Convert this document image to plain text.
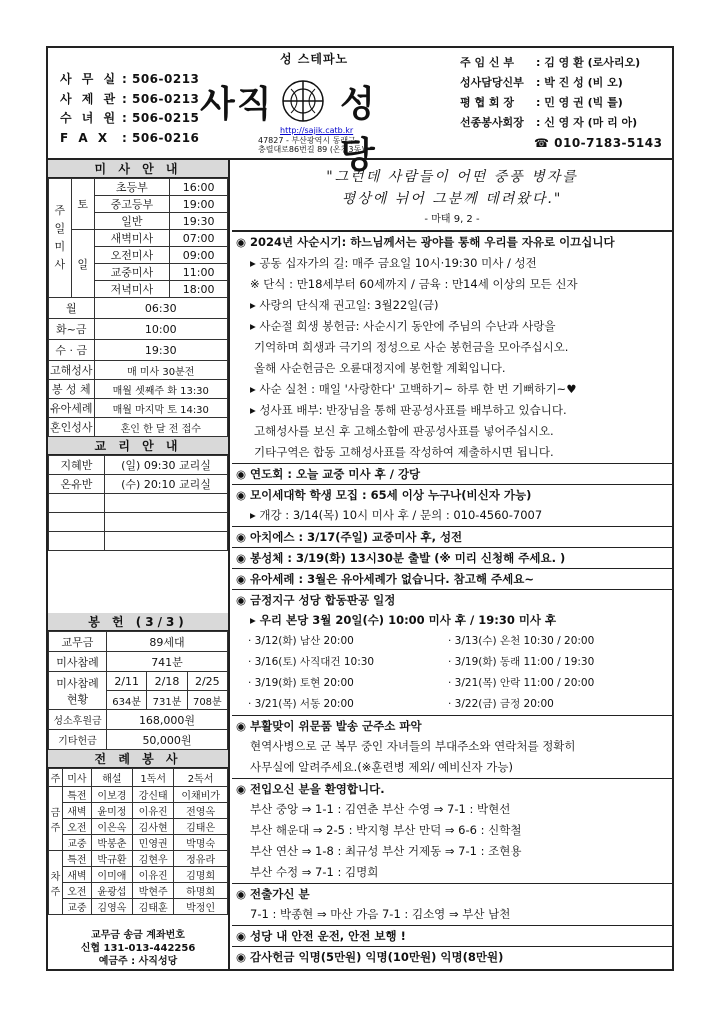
사 무 실 : 506-0213
사 제 관 : 506-0213
수 녀 원 : 506-0215
F A X : 506-0216
성 스테파노
사직 성당
http://sajik.catb.kr
47827 - 부산광역시 동래구
충렬대로86번길 89 (온천3동)
주 임 신 부 : 김 영 환 (로사리오)
성사담당신부 : 박 진 성 (비 오)
평 협 회 장 : 민 영 권 (빅 틀)
선종봉사회장 : 신 영 자 (마 리 아)
☎ 010-7183-5143
미 사 안 내
주일미사	토	초등부	16:00
		중고등부	19:00
		일반	19:30
	일	새벽미사	07:00
		오전미사	09:00
		교중미사	11:00
		저녁미사	18:00
월		06:30	
화~금		10:00	
수 · 금		19:30	
고해성사		매 미사 30분전	
봉 성 체		매월 셋째주 화 13:30	
유아세례		매월 마지막 토 14:30	
혼인성사		혼인 한 달 전 접수	
교 리 안 내
지혜반	(일) 09:30 교리실
온유반	(수) 20:10 교리실

봉 헌 (3/3)
교무금	89세대		
미사참례	741분		
미사참례 현황	2/11	2/18	2/25
	634분	731분	708분
성소후원금	168,000원		
기타헌금	50,000원		
전 례 봉 사
주	미사	해설	1독서	2독서
금주	특전	이보경	강신태	이채비가
	새벽	윤미정	이유진	전영옥
	오전	이은옥	김사현	김태은
	교중	박봉춘	민영권	박명숙
차주	특전	박규환	김현우	정유라
	새벽	이미애	이유진	김명희
	오전	윤광섭	박현주	하명희
	교중	김영옥	김태훈	박정인
교무금 송금 계좌번호
신협 131-013-442256
예금주 : 사직성당
"그런데 사람들이 어떤 중풍 병자를
평상에 뉘어 그분께 데려왔다."
- 마태 9, 2 -
◉ 2024년 사순시기: 하느님께서는 광야를 통해 우리를 자유로 이끄십니다
▸ 공동 십자가의 길: 매주 금요일 10시·19:30 미사 / 성전
※ 단식 : 만18세부터 60세까지 / 금육 : 만14세 이상의 모든 신자
▸ 사랑의 단식재 권고일: 3월22일(금)
▸ 사순절 희생 봉헌금: 사순시기 동안에 주님의 수난과 사랑을
기억하며 희생과 극기의 정성으로 사순 봉헌금을 모아주십시오.
올해 사순헌금은 오륜대정지에 봉헌할 계획입니다.
▸ 사순 실천 : 매일 '사랑한다' 고백하기~ 하루 한 번 기뻐하기~♥
▸ 성사표 배부: 반장님을 통해 판공성사표를 배부하고 있습니다.
고해성사를 보신 후 고해소함에 판공성사표를 넣어주십시오.
기타구역은 합동 고해성사표를 작성하여 제출하시면 됩니다.
◉ 연도회 : 오늘 교중 미사 후 / 강당
◉ 모이세대학 학생 모집 : 65세 이상 누구나(비신자 가능)
▸ 개강 : 3/14(목) 10시 미사 후 / 문의 : 010-4560-7007
◉ 아치에스 : 3/17(주일) 교중미사 후, 성전
◉ 봉성체 : 3/19(화) 13시30분 출발 (※ 미리 신청해 주세요. )
◉ 유아세례 : 3월은 유아세례가 없습니다. 참고해 주세요~
◉ 금정지구 성당 합동판공 일정
▸ 우리 본당 3월 20일(수) 10:00 미사 후 / 19:30 미사 후
· 3/12(화) 남산 20:00	· 3/13(수) 온천 10:30 / 20:00
· 3/16(토) 사직대건 10:30	· 3/19(화) 동래 11:00 / 19:30
· 3/19(화) 토현 20:00	· 3/21(목) 안락 11:00 / 20:00
· 3/21(목) 서동 20:00	· 3/22(금) 금정 20:00
◉ 부활맞이 위문품 발송 군주소 파악
현역사병으로 군 복무 중인 자녀들의 부대주소와 연락처를 정확히
사무실에 알려주세요.(※훈련병 제외/ 예비신자 가능)
◉ 전입오신 분을 환영합니다.
부산 중앙 ⇒ 1-1 : 김연춘 부산 수영 ⇒ 7-1 : 박현선
부산 해운대 ⇒ 2-5 : 박지형 부산 만덕 ⇒ 6-6 : 신학철
부산 연산 ⇒ 1-8 : 최규성 부산 거제동 ⇒ 7-1 : 조현용
부산 수정 ⇒ 7-1 : 김명희
◉ 전출가신 분
7-1 : 박종현 ⇒ 마산 가음 7-1 : 김소영 ⇒ 부산 남천
◉ 성당 내 안전 운전, 안전 보행 !
◉ 감사헌금 익명(5만원) 익명(10만원) 익명(8만원)
